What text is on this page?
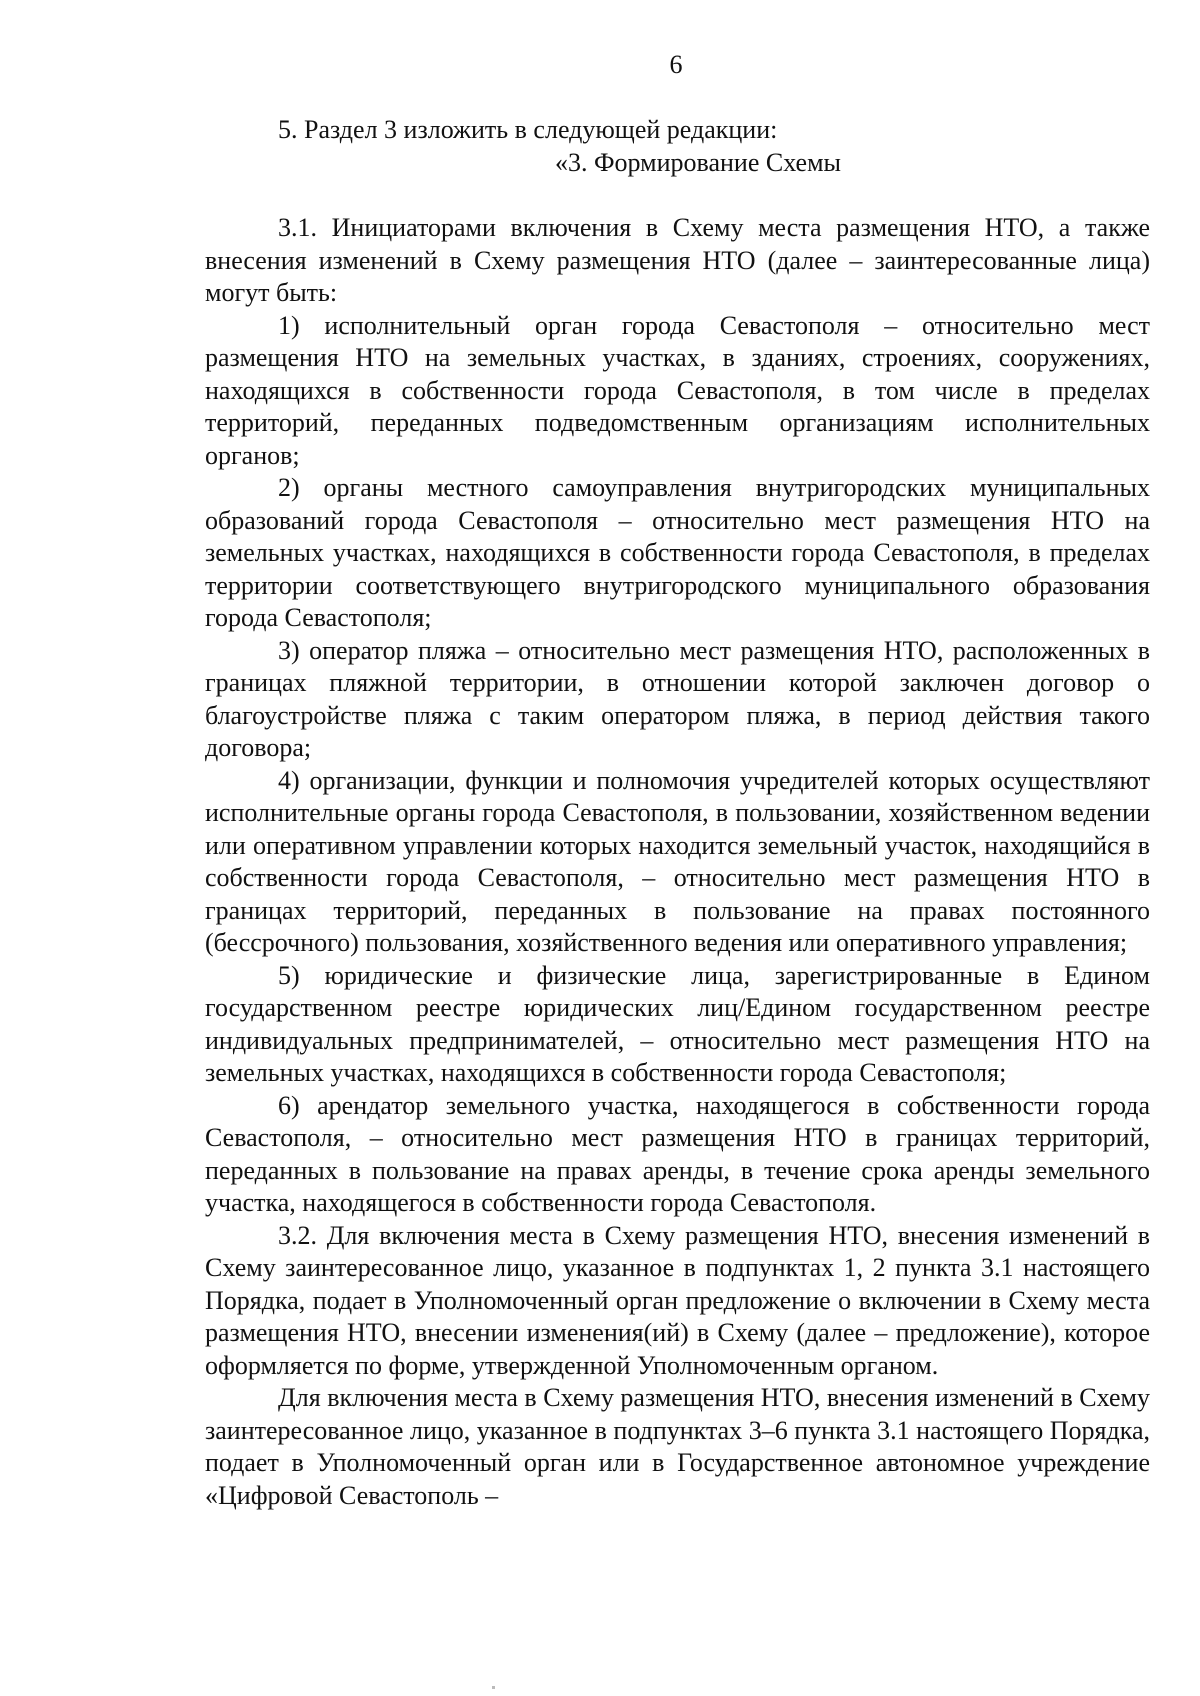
6
5. Раздел 3 изложить в следующей редакции:
«3. Формирование Схемы

3.1. Инициаторами включения в Схему места размещения НТО, а также внесения изменений в Схему размещения НТО (далее – заинтересованные лица) могут быть:

1) исполнительный орган города Севастополя – относительно мест размещения НТО на земельных участках, в зданиях, строениях, сооружениях, находящихся в собственности города Севастополя, в том числе в пределах территорий, переданных подведомственным организациям исполнительных органов;

2) органы местного самоуправления внутригородских муниципальных образований города Севастополя – относительно мест размещения НТО на земельных участках, находящихся в собственности города Севастополя, в пределах территории соответствующего внутригородского муниципального образования города Севастополя;

3) оператор пляжа – относительно мест размещения НТО, расположенных в границах пляжной территории, в отношении которой заключен договор о благоустройстве пляжа с таким оператором пляжа, в период действия такого договора;

4) организации, функции и полномочия учредителей которых осуществляют исполнительные органы города Севастополя, в пользовании, хозяйственном ведении или оперативном управлении которых находится земельный участок, находящийся в собственности города Севастополя, – относительно мест размещения НТО в границах территорий, переданных в пользование на правах постоянного (бессрочного) пользования, хозяйственного ведения или оперативного управления;

5) юридические и физические лица, зарегистрированные в Едином государственном реестре юридических лиц/Едином государственном реестре индивидуальных предпринимателей, – относительно мест размещения НТО на земельных участках, находящихся в собственности города Севастополя;

6) арендатор земельного участка, находящегося в собственности города Севастополя, – относительно мест размещения НТО в границах территорий, переданных в пользование на правах аренды, в течение срока аренды земельного участка, находящегося в собственности города Севастополя.

3.2. Для включения места в Схему размещения НТО, внесения изменений в Схему заинтересованное лицо, указанное в подпунктах 1, 2 пункта 3.1 настоящего Порядка, подает в Уполномоченный орган предложение о включении в Схему места размещения НТО, внесении изменения(ий) в Схему (далее – предложение), которое оформляется по форме, утвержденной Уполномоченным органом.

Для включения места в Схему размещения НТО, внесения изменений в Схему заинтересованное лицо, указанное в подпунктах 3–6 пункта 3.1 настоящего Порядка, подает в Уполномоченный орган или в Государственное автономное учреждение «Цифровой Севастополь –
